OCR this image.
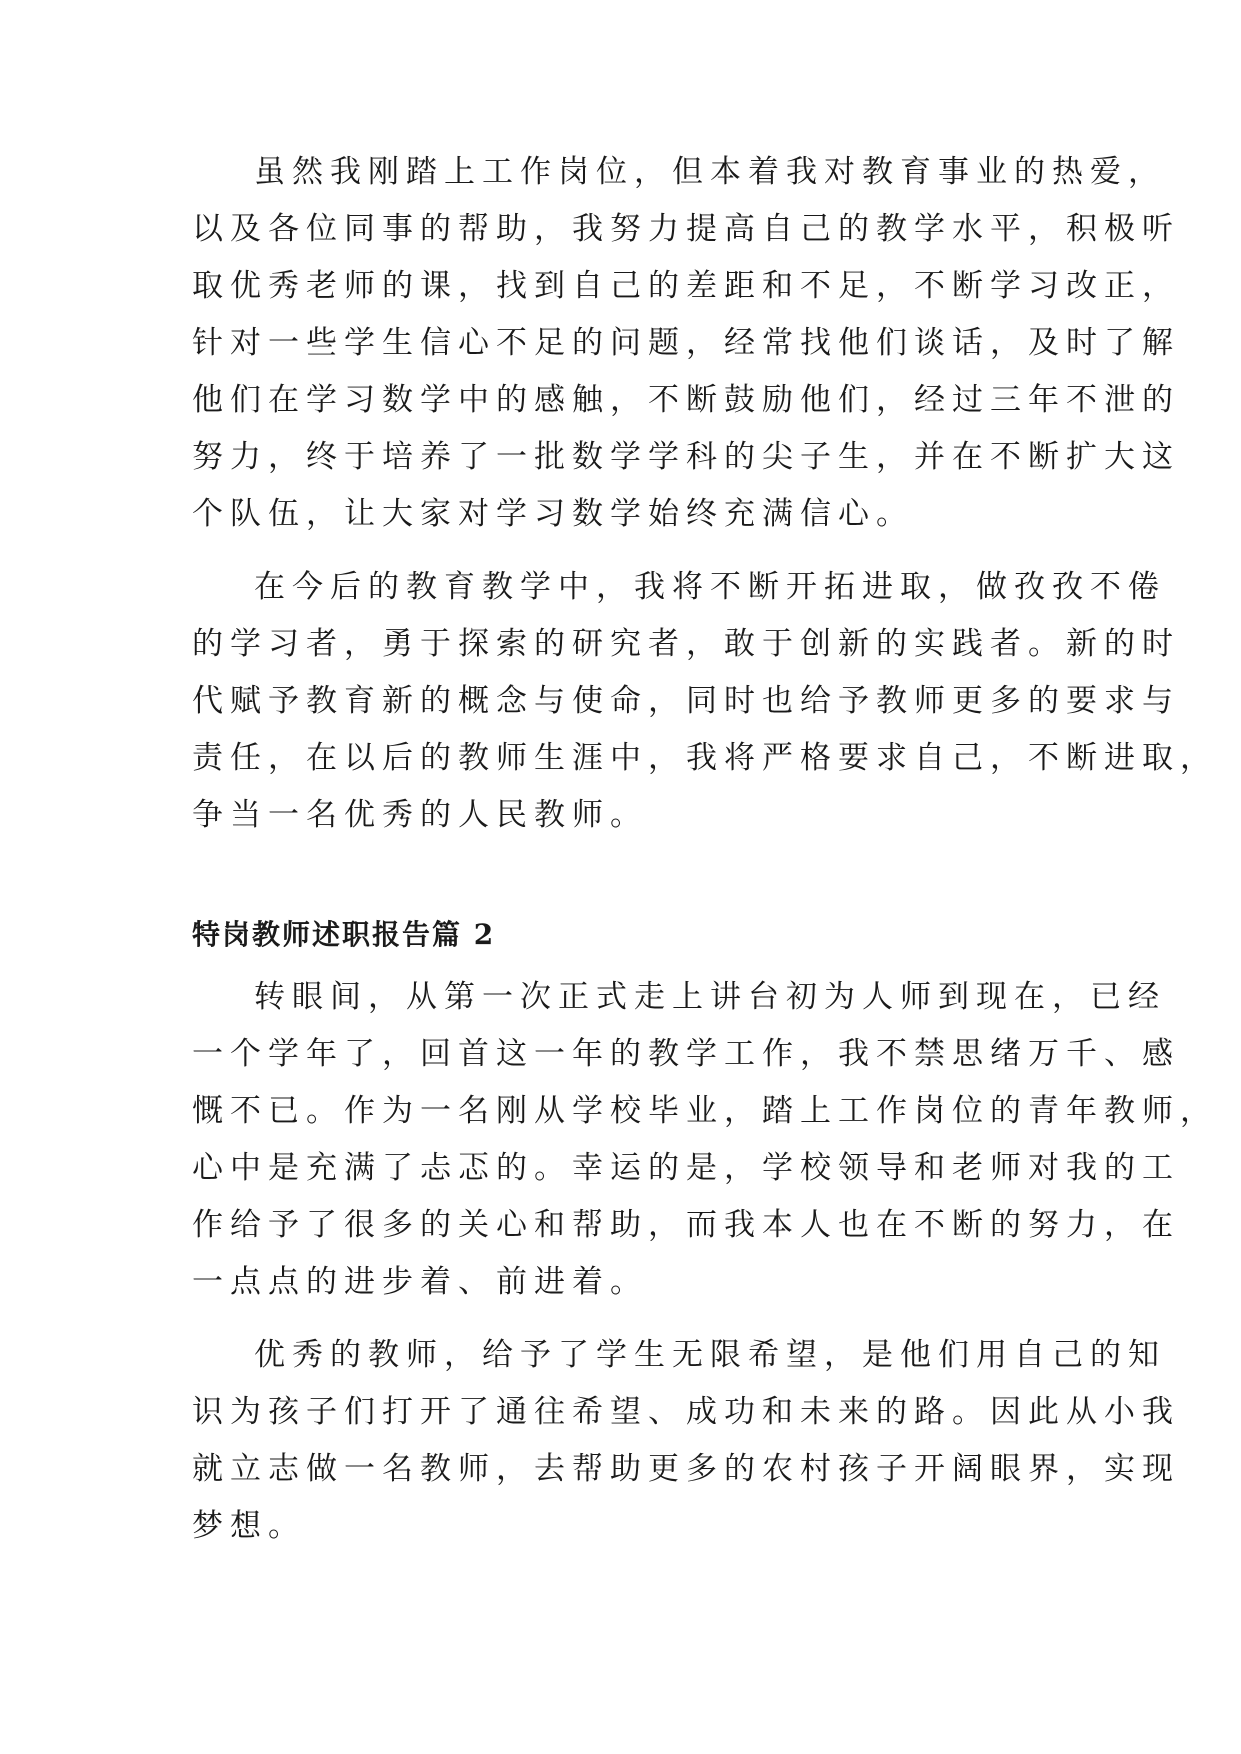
虽然我刚踏上工作岗位，但本着我对教育事业的热爱，

以及各位同事的帮助，我努力提高自己的教学水平，积极听

取优秀老师的课，找到自己的差距和不足，不断学习改正，

针对一些学生信心不足的问题，经常找他们谈话，及时了解

他们在学习数学中的感触，不断鼓励他们，经过三年不泄的

努力，终于培养了一批数学学科的尖子生，并在不断扩大这

个队伍，让大家对学习数学始终充满信心。

在今后的教育教学中，我将不断开拓进取，做孜孜不倦

的学习者，勇于探索的研究者，敢于创新的实践者。新的时

代赋予教育新的概念与使命，同时也给予教师更多的要求与

责任，在以后的教师生涯中，我将严格要求自己，不断进取，

争当一名优秀的人民教师。

特岗教师述职报告篇 2

转眼间，从第一次正式走上讲台初为人师到现在，已经

一个学年了，回首这一年的教学工作，我不禁思绪万千、感

慨不已。作为一名刚从学校毕业，踏上工作岗位的青年教师，

心中是充满了忐忑的。幸运的是，学校领导和老师对我的工

作给予了很多的关心和帮助，而我本人也在不断的努力，在

一点点的进步着、前进着。

优秀的教师，给予了学生无限希望，是他们用自己的知

识为孩子们打开了通往希望、成功和未来的路。因此从小我

就立志做一名教师，去帮助更多的农村孩子开阔眼界，实现

梦想。
